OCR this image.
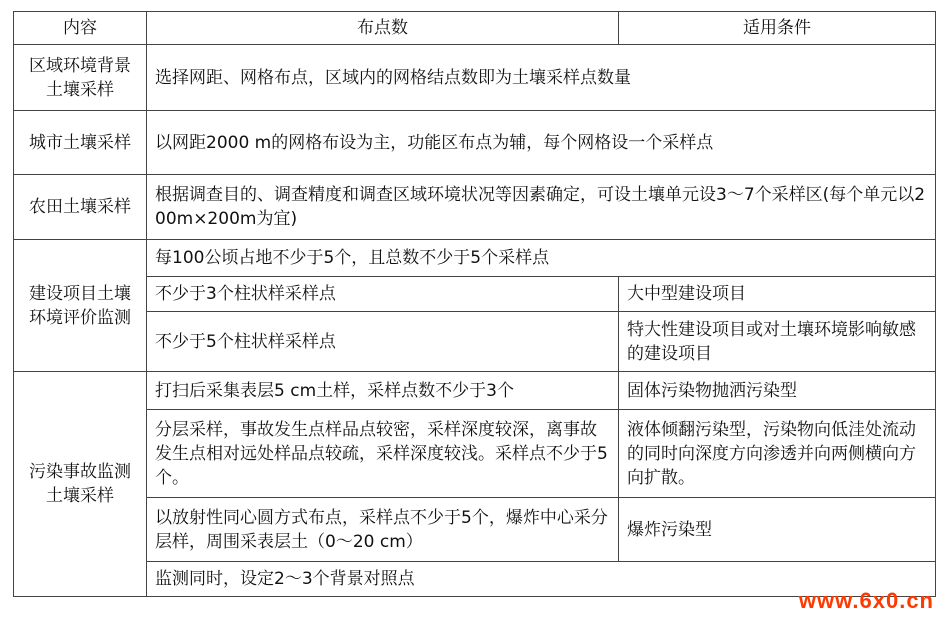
内容	布点数	适用条件
区域环境背景土壤采样	选择网距、网格布点，区域内的网格结点数即为土壤采样点数量	
城市土壤采样	以网距2000 m的网格布设为主，功能区布点为辅，每个网格设一个采样点	
农田土壤采样	根据调查目的、调查精度和调查区域环境状况等因素确定，可设土壤单元设3～7个采样区(每个单元以200m×200m为宜)	
建设项目土壤环境评价监测	每100公顷占地不少于5个，且总数不少于5个采样点	
	不少于3个柱状样采样点	大中型建设项目
	不少于5个柱状样采样点	特大性建设项目或对土壤环境影响敏感的建设项目
污染事故监测土壤采样	打扫后采集表层5 cm土样，采样点数不少于3个	固体污染物抛洒污染型
	分层采样，事故发生点样品点较密，采样深度较深，离事故发生点相对远处样品点较疏，采样深度较浅。采样点不少于5个。	液体倾翻污染型，污染物向低洼处流动的同时向深度方向渗透并向两侧横向方向扩散。
	以放射性同心圆方式布点，采样点不少于5个，爆炸中心采分层样，周围采表层土（0～20 cm）	爆炸污染型
	监测同时，设定2～3个背景对照点	
www.6x0.cn
